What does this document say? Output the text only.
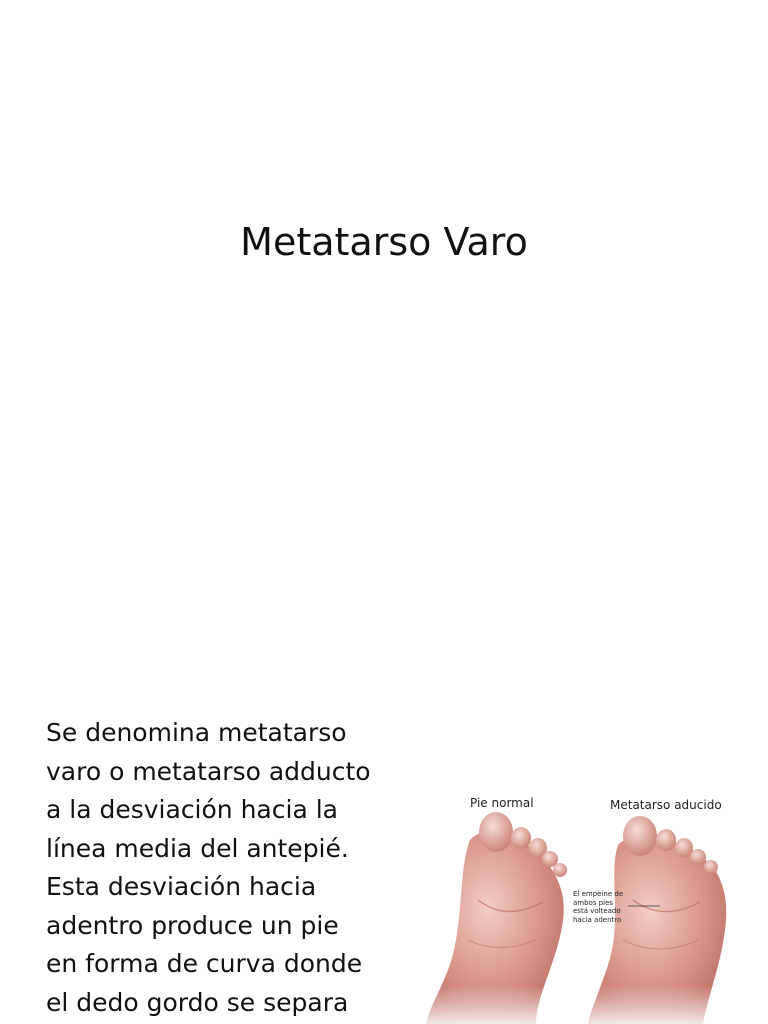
Metatarso Varo

Se denomina metatarso
varo o metatarso adducto
a la desviación hacia la
línea media del antepié.
Esta desviación hacia
adentro produce un pie
en forma de curva donde
el dedo gordo se separa

Pie normal	Metatarso aducido
El empeine de
ambos pies
está volteado
hacia adentro
